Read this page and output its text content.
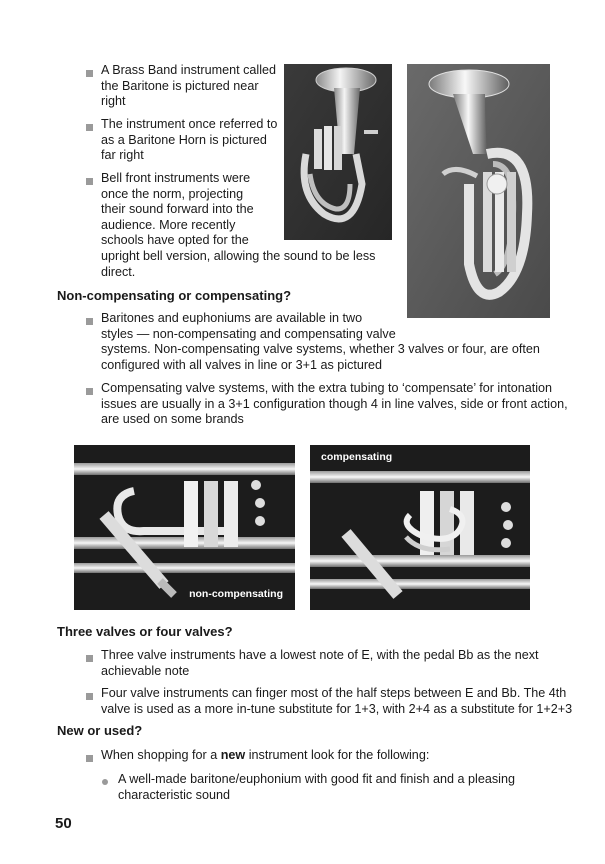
A Brass Band instrument called
the Baritone is pictured near
right
The instrument once referred to
as a Baritone Horn is pictured
far right
Bell front instruments were
once the norm, projecting
their sound forward into the
audience. More recently
schools have opted for the
upright bell version, allowing the sound to be less
direct.
Non-compensating or compensating?
Baritones and euphoniums are available in two
styles — non-compensating and compensating valve
systems. Non-compensating valve systems, whether 3 valves or four, are often
configured with all valves in line or 3+1 as pictured
Compensating valve systems, with the extra tubing to ‘compensate’ for intonation
issues are usually in a 3+1 configuration though 4 in line valves, side or front action,
are used on some brands
non-compensating
compensating
Three valves or four valves?
Three valve instruments have a lowest note of E, with the pedal Bb as the next
achievable note
Four valve instruments can finger most of the half steps between E and Bb. The 4th
valve is used as a more in-tune substitute for 1+3, with 2+4 as a substitute for 1+2+3
New or used?
When shopping for a new instrument look for the following:
A well-made baritone/euphonium with good fit and finish and a pleasing
characteristic sound
50
